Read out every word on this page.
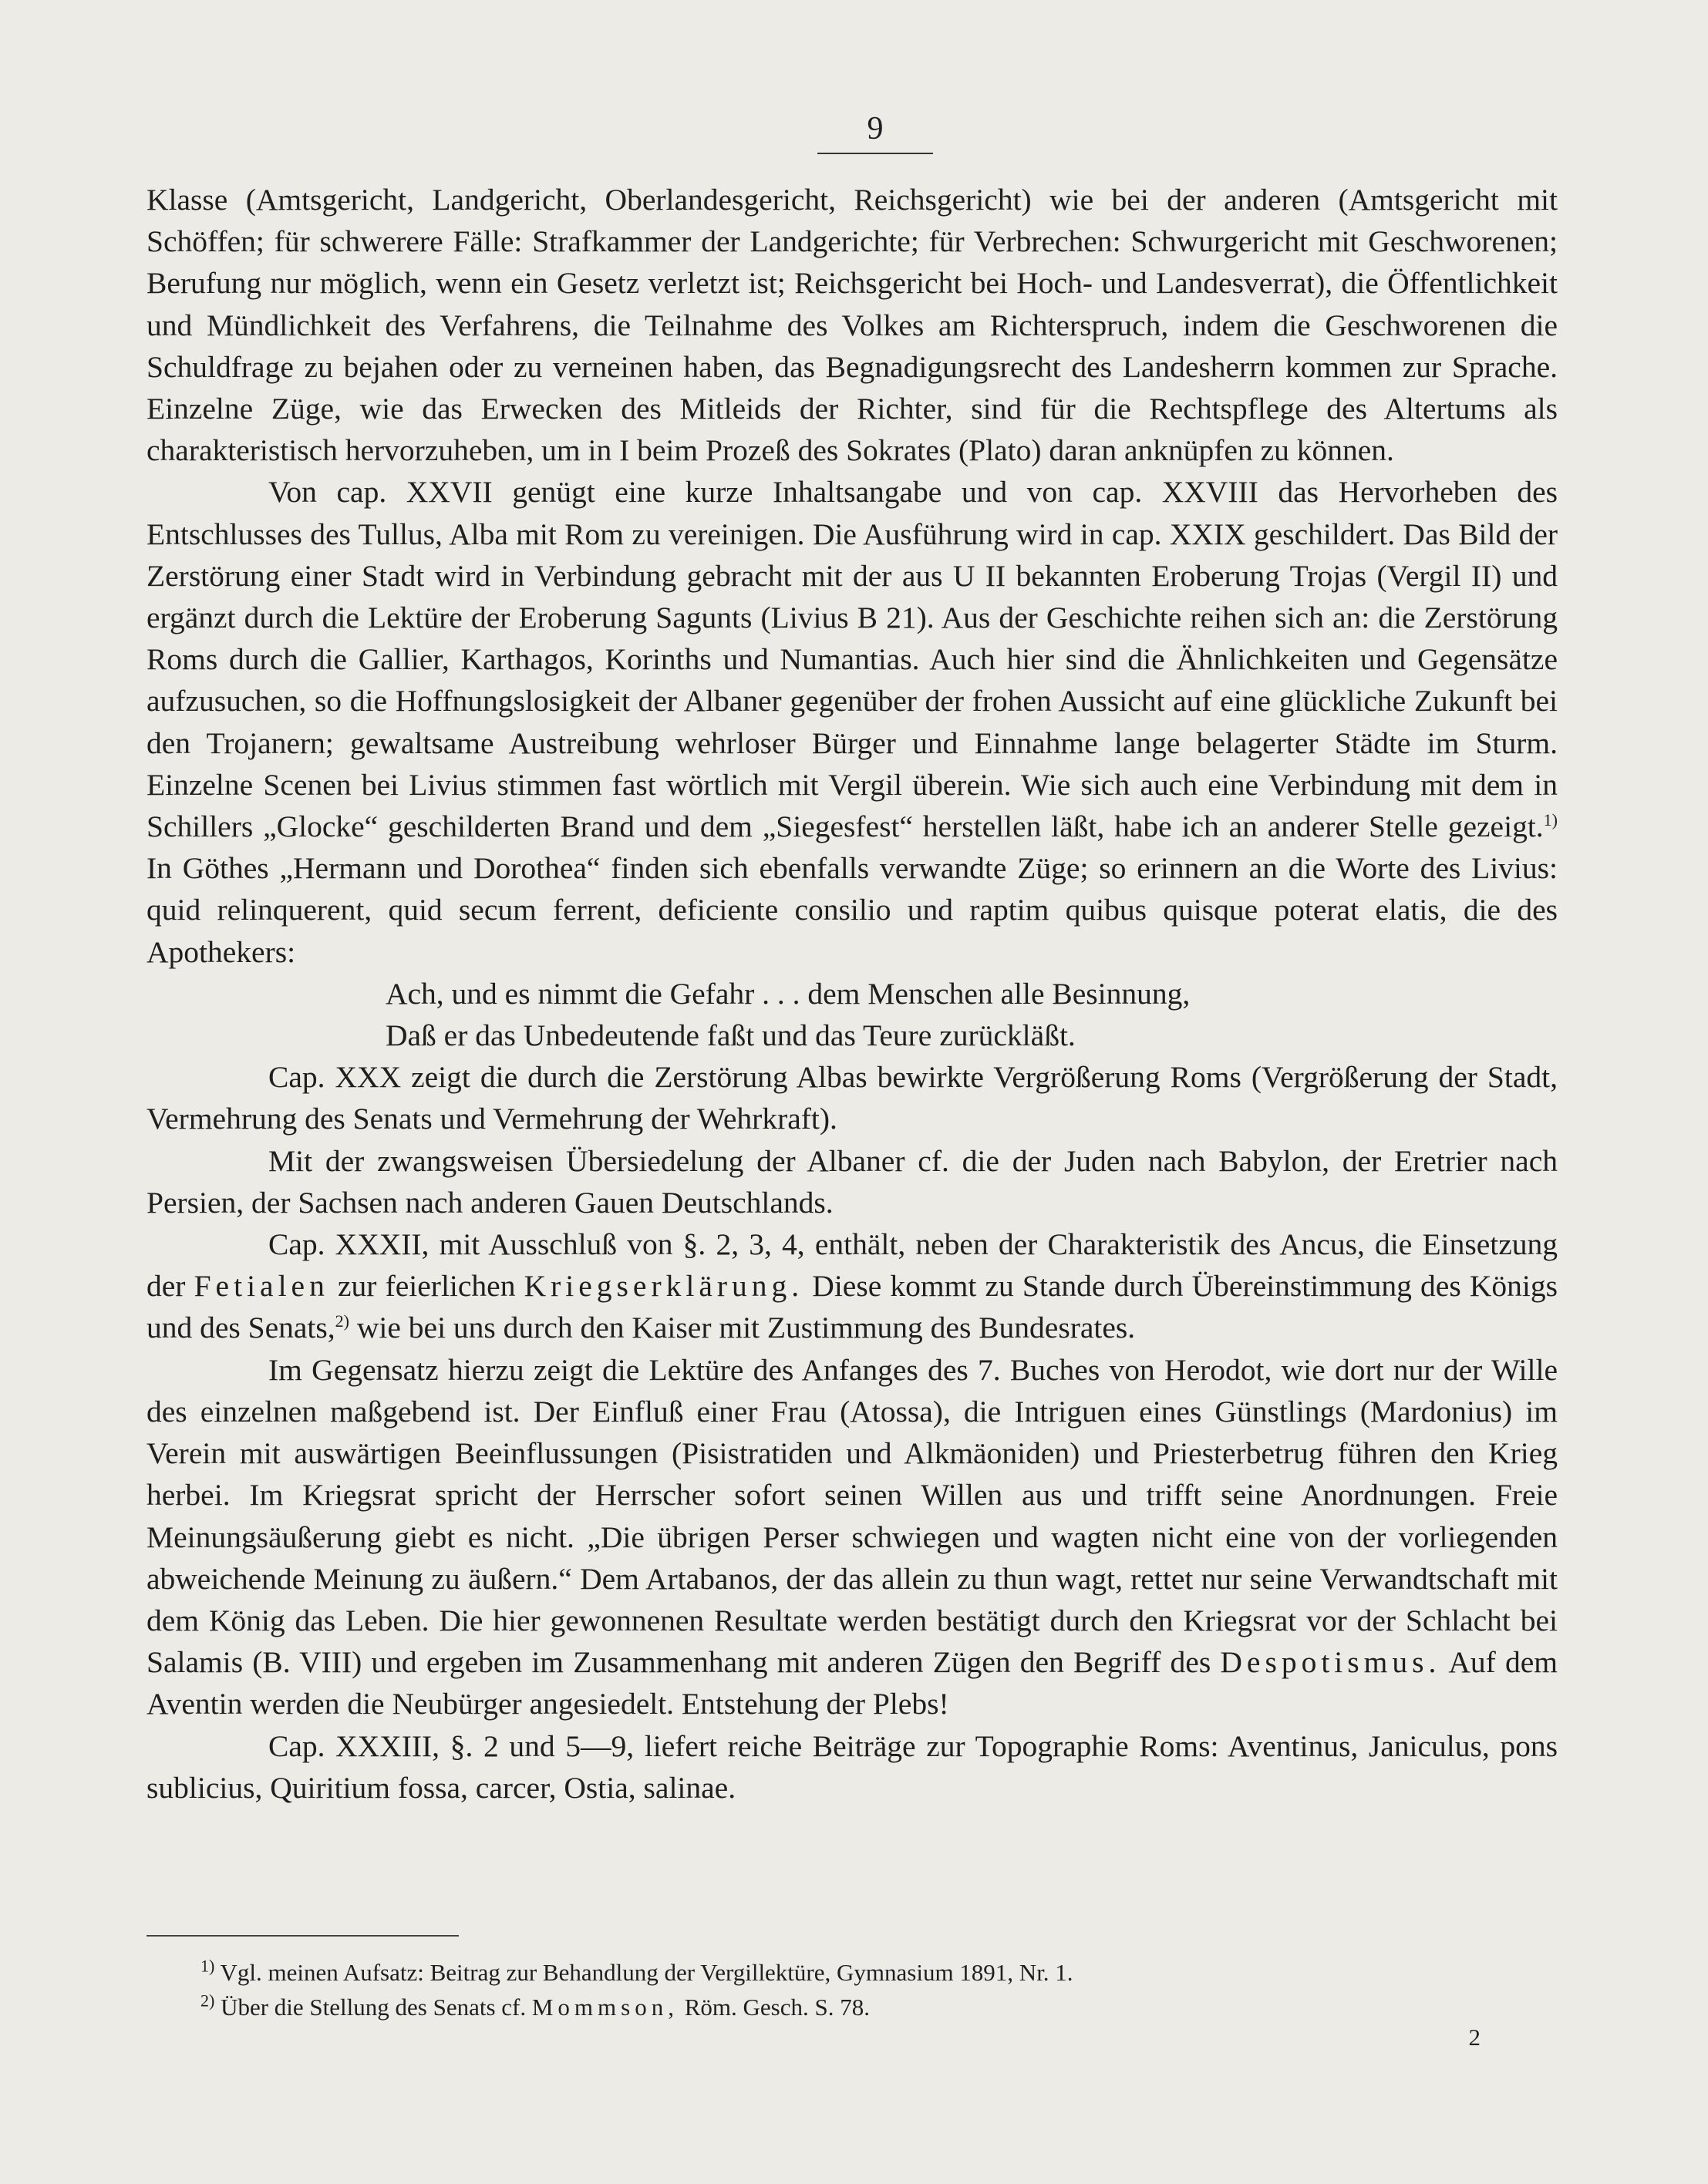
9

Klasse (Amtsgericht, Landgericht, Oberlandesgericht, Reichsgericht) wie bei der anderen (Amtsgericht mit Schöffen; für schwerere Fälle: Strafkammer der Landgerichte; für Verbrechen: Schwurgericht mit Geschworenen; Berufung nur möglich, wenn ein Gesetz verletzt ist; Reichsgericht bei Hoch- und Landesverrat), die Öffentlichkeit und Mündlichkeit des Verfahrens, die Teilnahme des Volkes am Richterspruch, indem die Geschworenen die Schuldfrage zu bejahen oder zu verneinen haben, das Begnadigungsrecht des Landesherrn kommen zur Sprache. Einzelne Züge, wie das Erwecken des Mitleids der Richter, sind für die Rechtspflege des Altertums als charakteristisch hervorzuheben, um in I beim Prozeß des Sokrates (Plato) daran anknüpfen zu können.

Von cap. XXVII genügt eine kurze Inhaltsangabe und von cap. XXVIII das Hervorheben des Entschlusses des Tullus, Alba mit Rom zu vereinigen. Die Ausführung wird in cap. XXIX geschildert. Das Bild der Zerstörung einer Stadt wird in Verbindung gebracht mit der aus U II bekannten Eroberung Trojas (Vergil II) und ergänzt durch die Lektüre der Eroberung Sagunts (Livius B 21). Aus der Geschichte reihen sich an: die Zerstörung Roms durch die Gallier, Karthagos, Korinths und Numantias. Auch hier sind die Ähnlichkeiten und Gegensätze aufzusuchen, so die Hoffnungslosigkeit der Albaner gegenüber der frohen Aussicht auf eine glückliche Zukunft bei den Trojanern; gewaltsame Austreibung wehrloser Bürger und Einnahme lange belagerter Städte im Sturm. Einzelne Scenen bei Livius stimmen fast wörtlich mit Vergil überein. Wie sich auch eine Verbindung mit dem in Schillers „Glocke“ geschilderten Brand und dem „Siegesfest“ herstellen läßt, habe ich an anderer Stelle gezeigt.$^{1)}$ In Göthes „Hermann und Dorothea“ finden sich ebenfalls verwandte Züge; so erinnern an die Worte des Livius: quid relinquerent, quid secum ferrent, deficiente consilio und raptim quibus quisque poterat elatis, die des Apothekers:

Ach, und es nimmt die Gefahr . . . dem Menschen alle Besinnung,
Daß er das Unbedeutende faßt und das Teure zurückläßt.

Cap. XXX zeigt die durch die Zerstörung Albas bewirkte Vergrößerung Roms (Vergrößerung der Stadt, Vermehrung des Senats und Vermehrung der Wehrkraft).

Mit der zwangsweisen Übersiedelung der Albaner cf. die der Juden nach Babylon, der Eretrier nach Persien, der Sachsen nach anderen Gauen Deutschlands.

Cap. XXXII, mit Ausschluß von §. 2, 3, 4, enthält, neben der Charakteristik des Ancus, die Einsetzung der Fetialen zur feierlichen Kriegserklärung. Diese kommt zu Stande durch Übereinstimmung des Königs und des Senats,$^{2)}$ wie bei uns durch den Kaiser mit Zustimmung des Bundesrates.

Im Gegensatz hierzu zeigt die Lektüre des Anfanges des 7. Buches von Herodot, wie dort nur der Wille des einzelnen maßgebend ist. Der Einfluß einer Frau (Atossa), die Intriguen eines Günstlings (Mardonius) im Verein mit auswärtigen Beeinflussungen (Pisistratiden und Alkmäoniden) und Priesterbetrug führen den Krieg herbei. Im Kriegsrat spricht der Herrscher sofort seinen Willen aus und trifft seine Anordnungen. Freie Meinungsäußerung giebt es nicht. „Die übrigen Perser schwiegen und wagten nicht eine von der vorliegenden abweichende Meinung zu äußern.“ Dem Artabanos, der das allein zu thun wagt, rettet nur seine Verwandtschaft mit dem König das Leben. Die hier gewonnenen Resultate werden bestätigt durch den Kriegsrat vor der Schlacht bei Salamis (B. VIII) und ergeben im Zusammenhang mit anderen Zügen den Begriff des Despotismus. Auf dem Aventin werden die Neubürger angesiedelt. Entstehung der Plebs!

Cap. XXXIII, §. 2 und 5—9, liefert reiche Beiträge zur Topographie Roms: Aventinus, Janiculus, pons sublicius, Quiritium fossa, carcer, Ostia, salinae.

$^{1)}$ Vgl. meinen Aufsatz: Beitrag zur Behandlung der Vergillektüre, Gymnasium 1891, Nr. 1.
$^{2)}$ Über die Stellung des Senats cf. Mommson, Röm. Gesch. S. 78.
2
